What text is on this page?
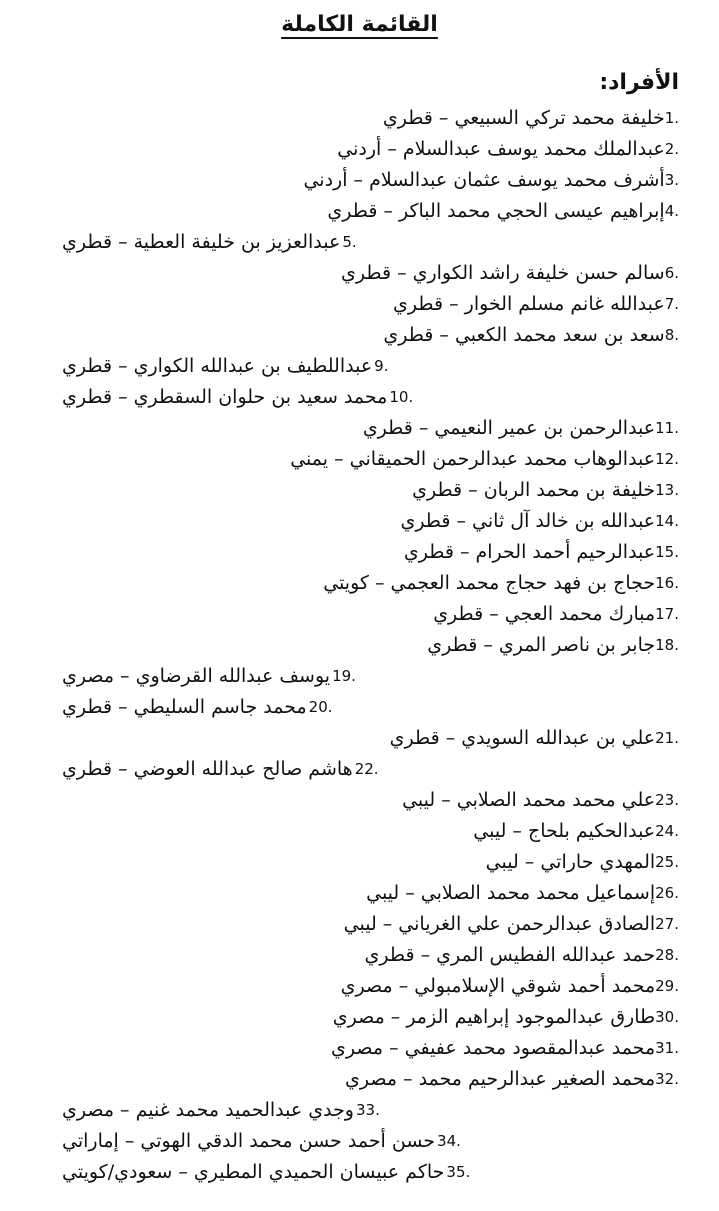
القائمة الكاملة
الأفراد:
خليفة محمد تركي السبيعي – قطري 1.
عبدالملك محمد يوسف عبدالسلام – أردني 2.
أشرف محمد يوسف عثمان عبدالسلام – أردني 3.
إبراهيم عيسى الحجي محمد الباكر – قطري 4.
عبدالعزيز بن خليفة العطية – قطري 5.
سالم حسن خليفة راشد الكواري – قطري 6.
عبدالله غانم مسلم الخوار – قطري 7.
سعد بن سعد محمد الكعبي – قطري 8.
عبداللطيف بن عبدالله الكواري – قطري 9.
محمد سعيد بن حلوان السقطري – قطري 10.
عبدالرحمن بن عمير النعيمي – قطري 11.
عبدالوهاب محمد عبدالرحمن الحميقاني – يمني 12.
خليفة بن محمد الربان – قطري 13.
عبدالله بن خالد آل ثاني – قطري 14.
عبدالرحيم أحمد الحرام – قطري 15.
حجاج بن فهد حجاج محمد العجمي – كويتي 16.
مبارك محمد العجي – قطري 17.
جابر بن ناصر المري – قطري 18.
يوسف عبدالله القرضاوي – مصري 19.
محمد جاسم السليطي – قطري 20.
علي بن عبدالله السويدي – قطري 21.
هاشم صالح عبدالله العوضي – قطري 22.
علي محمد محمد الصلابي – ليبي 23.
عبدالحكيم بلحاج – ليبي 24.
المهدي حاراتي – ليبي 25.
إسماعيل محمد محمد الصلابي – ليبي 26.
الصادق عبدالرحمن علي الغرياني – ليبي 27.
حمد عبدالله الفطيس المري – قطري 28.
محمد أحمد شوقي الإسلامبولي – مصري 29.
طارق عبدالموجود إبراهيم الزمر – مصري 30.
محمد عبدالمقصود محمد عفيفي – مصري 31.
محمد الصغير عبدالرحيم محمد – مصري 32.
وجدي عبدالحميد محمد غنيم – مصري 33.
حسن أحمد حسن محمد الدقي الهوتي – إماراتي 34.
حاكم عبيسان الحميدي المطيري – سعودي/كويتي 35.
